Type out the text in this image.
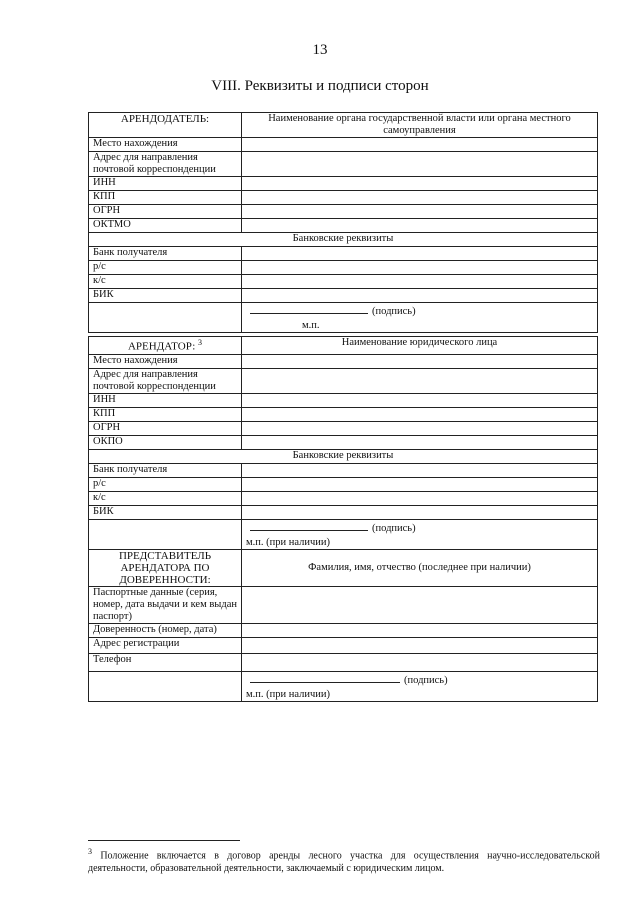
13
VIII. Реквизиты и подписи сторон
АРЕНДОДАТЕЛЬ:	Наименование органа государственной власти или органа местного самоуправления
Место нахождения	
Адрес для направления почтовой корреспонденции	
ИНН	
КПП	
ОГРН	
ОКТМО	
Банковские реквизиты	
Банк получателя	
р/с	
к/с	
БИК	
	(подпись)
м.п.
АРЕНДАТОР: $^3$	Наименование юридического лица
Место нахождения	
Адрес для направления почтовой корреспонденции	
ИНН	
КПП	
ОГРН	
ОКПО	
Банковские реквизиты	
Банк получателя	
р/с	
к/с	
БИК	
	(подпись)
м.п. (при наличии)

ПРЕДСТАВИТЕЛЬ АРЕНДАТОРА ПО ДОВЕРЕННОСТИ:	Фамилия, имя, отчество (последнее при наличии)
Паспортные данные (серия, номер, дата выдачи и кем выдан паспорт)	
Доверенность (номер, дата)	
Адрес регистрации	
Телефон	
	(подпись)
м.п. (при наличии)
$^3$ Положение включается в договор аренды лесного участка для осуществления научно-исследовательской деятельности, образовательной деятельности, заключаемый с юридическим лицом.
